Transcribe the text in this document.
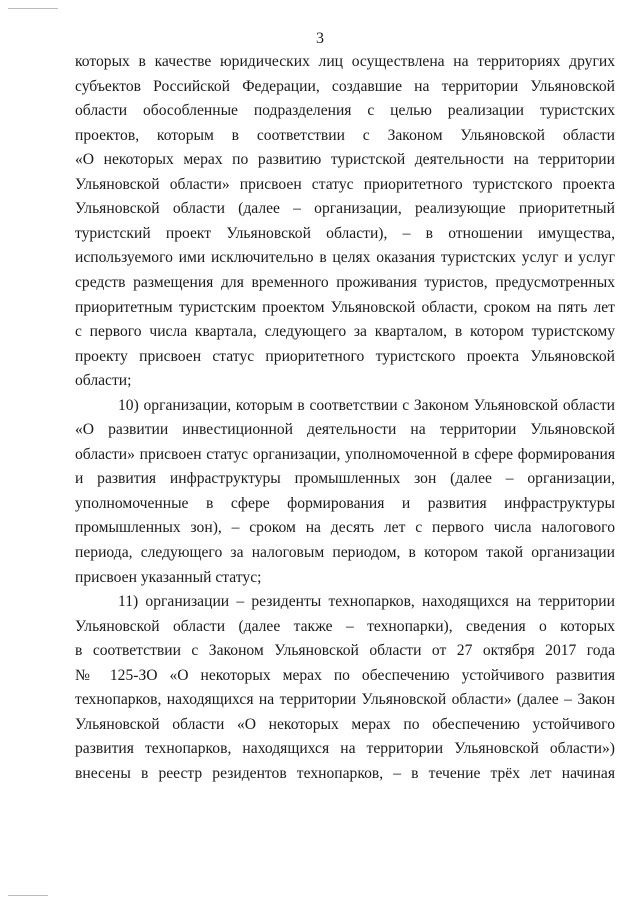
3
которых в качестве юридических лиц осуществлена на территориях других
субъектов Российской Федерации, создавшие на территории Ульяновской
области обособленные подразделения с целью реализации туристских
проектов, которым в соответствии с Законом Ульяновской области
«О некоторых мерах по развитию туристской деятельности на территории
Ульяновской области» присвоен статус приоритетного туристского проекта
Ульяновской области (далее – организации, реализующие приоритетный
туристский проект Ульяновской области), – в отношении имущества,
используемого ими исключительно в целях оказания туристских услуг и услуг
средств размещения для временного проживания туристов, предусмотренных
приоритетным туристским проектом Ульяновской области, сроком на пять лет
с первого числа квартала, следующего за кварталом, в котором туристскому
проекту присвоен статус приоритетного туристского проекта Ульяновской
области;
10) организации, которым в соответствии с Законом Ульяновской области
«О развитии инвестиционной деятельности на территории Ульяновской
области» присвоен статус организации, уполномоченной в сфере формирования
и развития инфраструктуры промышленных зон (далее – организации,
уполномоченные в сфере формирования и развития инфраструктуры
промышленных зон), – сроком на десять лет с первого числа налогового
периода, следующего за налоговым периодом, в котором такой организации
присвоен указанный статус;
11) организации – резиденты технопарков, находящихся на территории
Ульяновской области (далее также – технопарки), сведения о которых
в соответствии с Законом Ульяновской области от 27 октября 2017 года
№ 125-ЗО «О некоторых мерах по обеспечению устойчивого развития
технопарков, находящихся на территории Ульяновской области» (далее – Закон
Ульяновской области «О некоторых мерах по обеспечению устойчивого
развития технопарков, находящихся на территории Ульяновской области»)
внесены в реестр резидентов технопарков, – в течение трёх лет начиная
